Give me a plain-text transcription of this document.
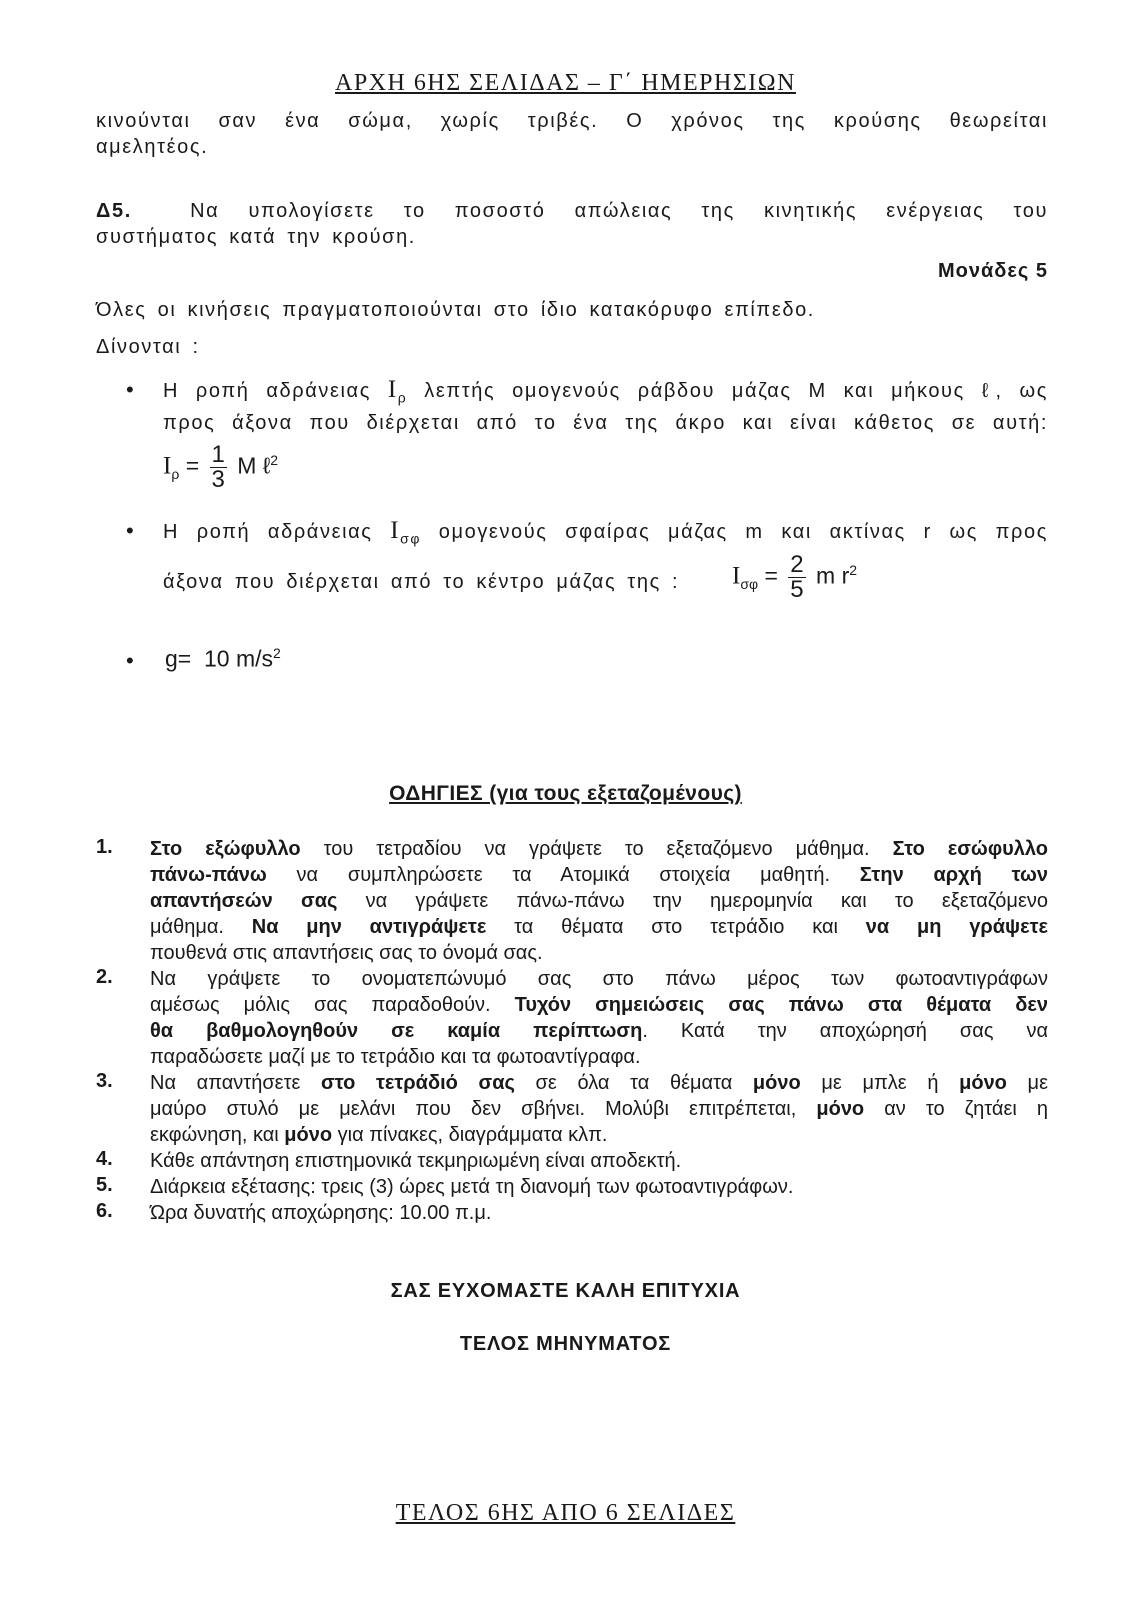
ΑΡΧΗ 6ΗΣ ΣΕΛΙΔΑΣ – Γ΄ ΗΜΕΡΗΣΙΩΝ
κινούνται σαν ένα σώμα, χωρίς τριβές. Ο χρόνος της κρούσης θεωρείται
αμελητέος.
Δ5.	Να υπολογίσετε το ποσοστό απώλειας της κινητικής ενέργειας του
συστήματος κατά την κρούση.
Μονάδες 5
Όλες οι κινήσεις πραγματοποιούνται στο ίδιο κατακόρυφο επίπεδο.
Δίνονται :
• Η ροπή αδράνειας $I_\rho$ λεπτής ομογενούς ράβδου μάζας Μ και μήκους ℓ, ως
προς άξονα που διέρχεται από το ένα της άκρο και είναι κάθετος σε αυτή:
$I_\rho = \frac{1}{3}$ M ℓ$^2$
• Η ροπή αδράνειας $I_{\sigma\varphi}$ ομογενούς σφαίρας μάζας m και ακτίνας r ως προς
άξονα που διέρχεται από το κέντρο μάζας της : $I_{\sigma\varphi} = \frac{2}{5}$ m $r^2$
• g=  10 $m/s^2$
ΟΔΗΓΙΕΣ (για τους εξεταζομένους)
1. Στο εξώφυλλο του τετραδίου να γράψετε το εξεταζόμενο μάθημα. Στο εσώφυλλο
πάνω-πάνω να συμπληρώσετε τα Ατομικά στοιχεία μαθητή. Στην αρχή των
απαντήσεών σας να γράψετε πάνω-πάνω την ημερομηνία και το εξεταζόμενο
μάθημα. Να μην αντιγράψετε τα θέματα στο τετράδιο και να μη γράψετε
πουθενά στις απαντήσεις σας το όνομά σας.
2. Να γράψετε το ονοματεπώνυμό σας στο πάνω μέρος των φωτοαντιγράφων
αμέσως μόλις σας παραδοθούν. Τυχόν σημειώσεις σας πάνω στα θέματα δεν
θα βαθμολογηθούν σε καμία περίπτωση. Κατά την αποχώρησή σας να
παραδώσετε μαζί με το τετράδιο και τα φωτοαντίγραφα.
3. Να απαντήσετε στο τετράδιό σας σε όλα τα θέματα μόνο με μπλε ή μόνο με
μαύρο στυλό με μελάνι που δεν σβήνει. Μολύβι επιτρέπεται, μόνο αν το ζητάει η
εκφώνηση, και μόνο για πίνακες, διαγράμματα κλπ.
4. Κάθε απάντηση επιστημονικά τεκμηριωμένη είναι αποδεκτή.
5. Διάρκεια εξέτασης: τρεις (3) ώρες μετά τη διανομή των φωτοαντιγράφων.
6. Ώρα δυνατής αποχώρησης: 10.00 π.μ.
ΣΑΣ ΕΥΧΟΜΑΣΤΕ ΚΑΛΗ ΕΠΙΤΥΧΙΑ
ΤΕΛΟΣ ΜΗΝΥΜΑΤΟΣ
ΤΕΛΟΣ 6ΗΣ ΑΠΟ 6 ΣΕΛΙΔΕΣ
